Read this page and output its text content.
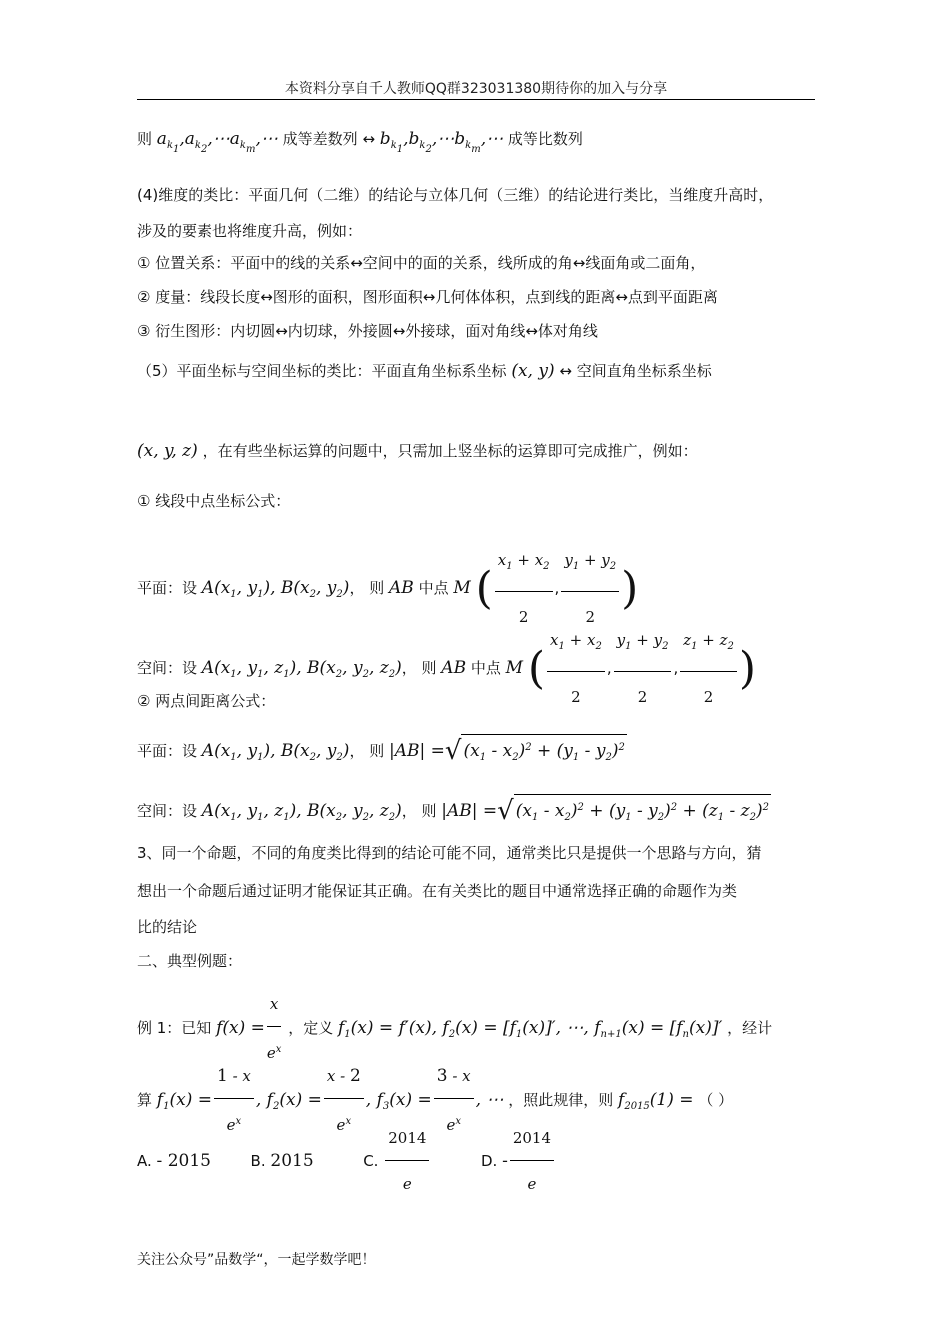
本资料分享自千人教师QQ群323031380期待你的加入与分享
则 $a_{k_1},a_{k_2},\cdots a_{k_m},\cdots$ 成等差数列 ↔ $b_{k_1},b_{k_2},\cdots b_{k_m},\cdots$ 成等比数列
(4)维度的类比：平面几何（二维）的结论与立体几何（三维）的结论进行类比，当维度升高时，
涉及的要素也将维度升高，例如：
① 位置关系：平面中的线的关系↔空间中的面的关系，线所成的角↔线面角或二面角，
② 度量：线段长度↔图形的面积，图形面积↔几何体体积，点到线的距离↔点到平面距离
③ 衍生图形：内切圆↔内切球，外接圆↔外接球，面对角线↔体对角线
（5）平面坐标与空间坐标的类比：平面直角坐标系坐标 (x, y) ↔ 空间直角坐标系坐标
(x, y, z) ，在有些坐标运算的问题中，只需加上竖坐标的运算即可完成推广，例如：
① 线段中点坐标公式：
平面：设 $A(x_1$, $y_1$), $B(x_2$, $y_2$)， 则 AB 中点 M ( $\frac{x_1 + x_2}{2}$ , $\frac{y_1 + y_2}{2}$ )
空间：设 $A(x_1$, $y_1$, $z_1$), $B(x_2$, $y_2$, $z_2$)， 则 AB 中点 M ( $\frac{x_1 + x_2}{2}$ , $\frac{y_1 + y_2}{2}$ , $\frac{z_1 + z_2}{2}$ )
② 两点间距离公式：
平面：设 $A(x_1$, $y_1$), $B(x_2$, $y_2$)， 则 |AB| =√ $(x_1 - x_2)^2 + (y_1 - y_2)^2$
空间：设 $A(x_1$, $y_1$, $z_1$), $B(x_2$, $y_2$, $z_2$)， 则 |AB| =√ $(x_1 - x_2)^2 + (y_1 - y_2)^2 + (z_1 - z_2)^2$
3、同一个命题，不同的角度类比得到的结论可能不同，通常类比只是提供一个思路与方向，猜
想出一个命题后通过证明才能保证其正确。在有关类比的题目中通常选择正确的命题作为类
比的结论
二、典型例题：
例 1：已知 $f(x) = \frac{x}{e^x}$ ，定义 $f_1(x) = f'(x)$, $f_2(x) = [f_1(x)]'$, ⋯, $f_{n+1}(x) = [f_n(x)]'$ ，经计
算 $f_1(x) = \frac{1 - x}{e^x}$ , $f_2(x) = \frac{x - 2}{e^x}$ , $f_3(x) = \frac{3 - x}{e^x}$ , ⋯ ，照此规律，则 $f_{2015}(1)$ = （ ）
A. - 2015	B. 2015	C. $\frac{2014}{e}$	D. - $\frac{2014}{e}$
关注公众号”品数学“，一起学数学吧！
